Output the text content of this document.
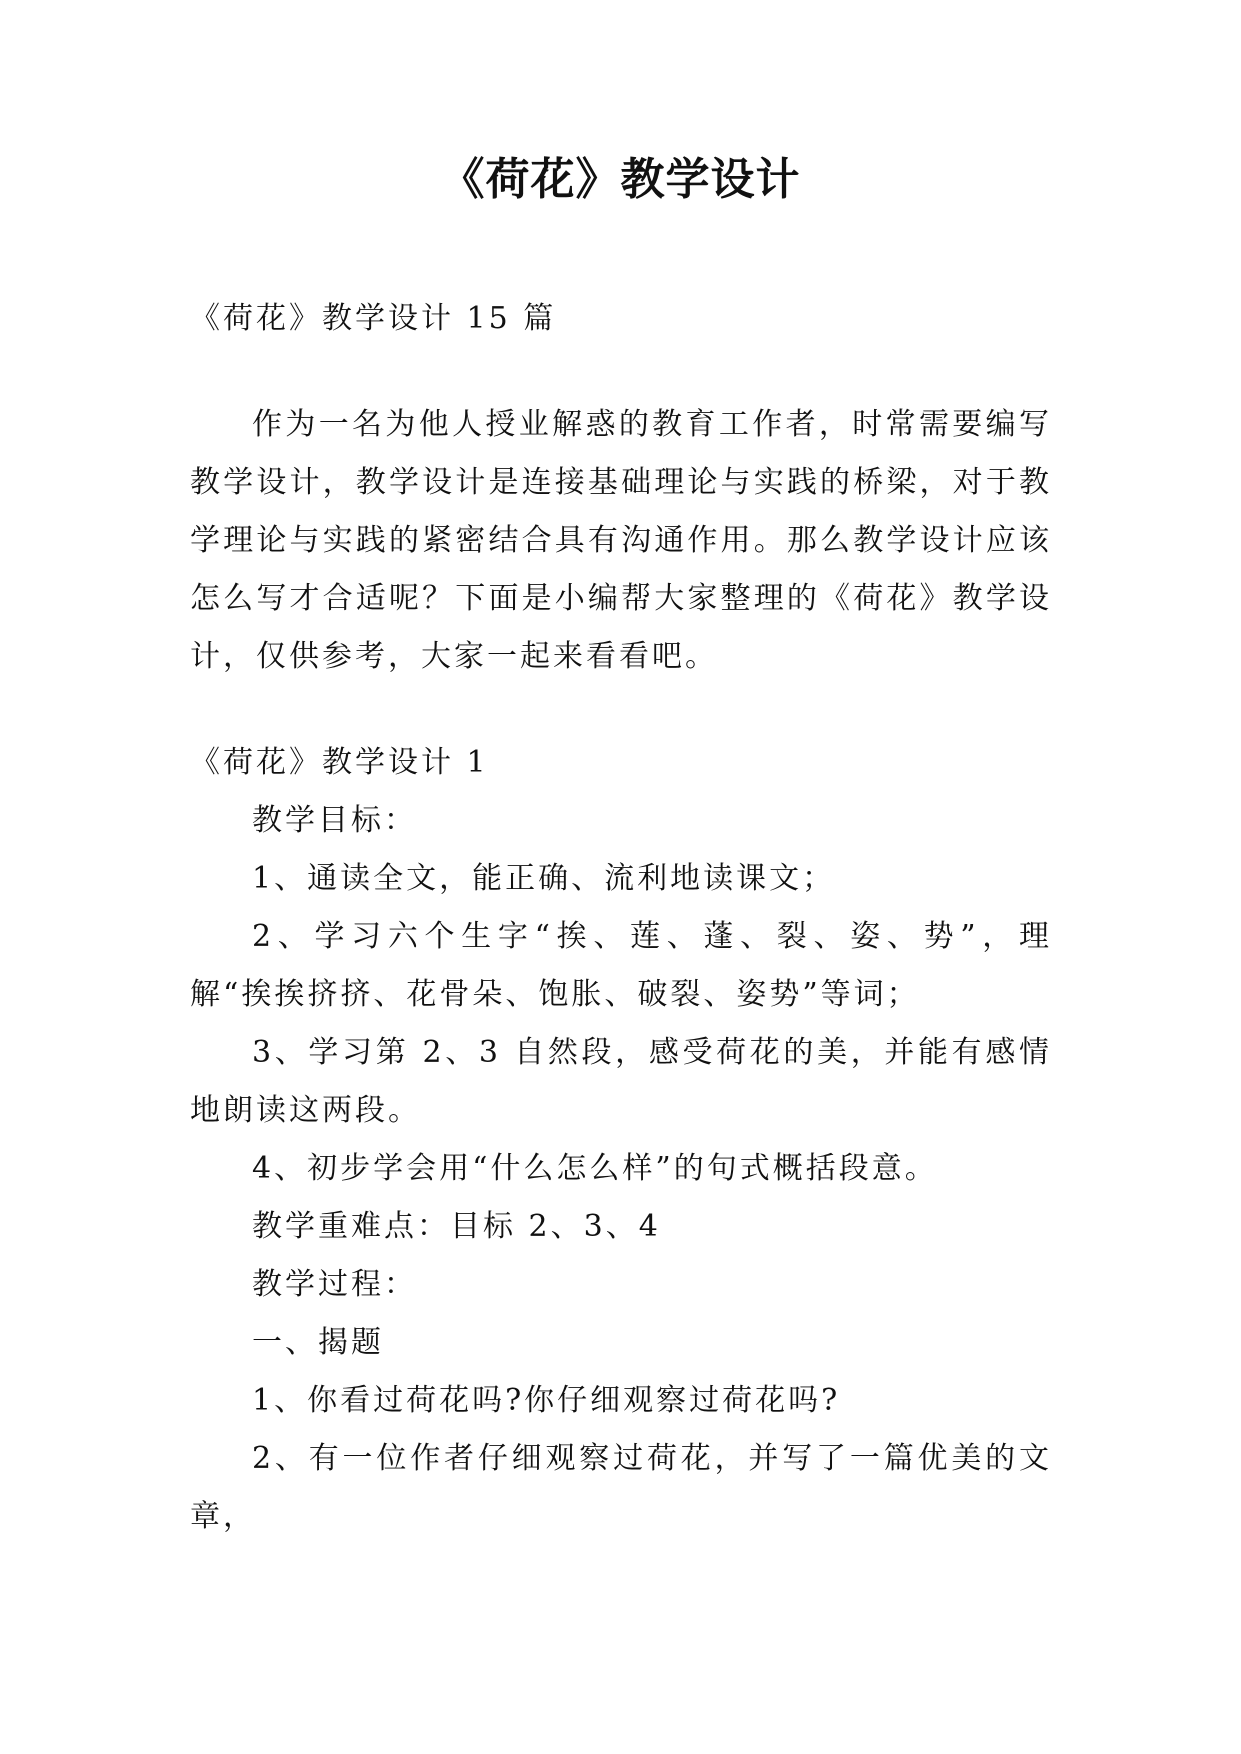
《荷花》教学设计

《荷花》教学设计 15 篇

作为一名为他人授业解惑的教育工作者，时常需要编写教学设计，教学设计是连接基础理论与实践的桥梁，对于教学理论与实践的紧密结合具有沟通作用。那么教学设计应该怎么写才合适呢？下面是小编帮大家整理的《荷花》教学设计，仅供参考，大家一起来看看吧。

《荷花》教学设计 1

教学目标：

1、通读全文，能正确、流利地读课文；

2、学习六个生字“挨、莲、蓬、裂、姿、势”，理解“挨挨挤挤、花骨朵、饱胀、破裂、姿势”等词；

3、学习第 2、3 自然段，感受荷花的美，并能有感情地朗读这两段。

4、初步学会用“什么怎么样”的句式概括段意。

教学重难点：目标 2、3、4

教学过程：

一、揭题

1、你看过荷花吗?你仔细观察过荷花吗?

2、有一位作者仔细观察过荷花，并写了一篇优美的文章，
